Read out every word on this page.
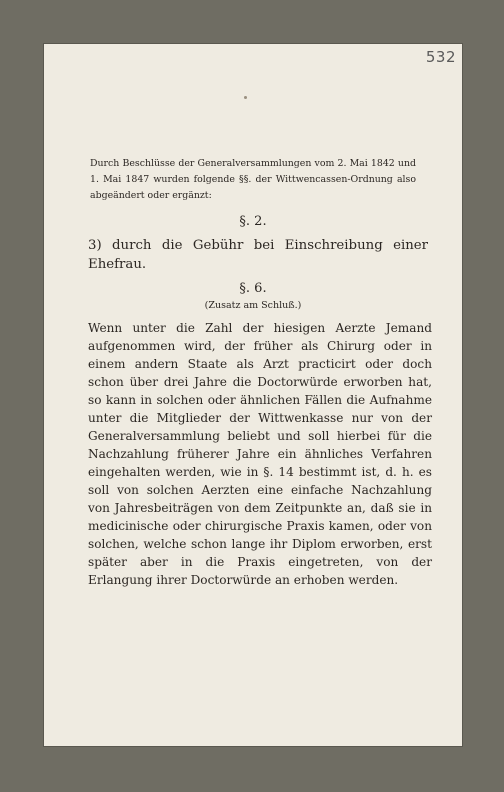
532
Durch Beschlüsse der Generalversammlungen vom 2. Mai 1842 und 1. Mai 1847 wurden folgende §§. der Wittwencassen-Ordnung also abgeändert oder ergänzt:
§. 2.
3) durch die Gebühr bei Einschreibung einer Ehefrau.
§. 6.
(Zusatz am Schluß.)
Wenn unter die Zahl der hiesigen Aerzte Jemand aufgenommen wird, der früher als Chirurg oder in einem andern Staate als Arzt practicirt oder doch schon über drei Jahre die Doctorwürde erworben hat, so kann in solchen oder ähnlichen Fällen die Aufnahme unter die Mitglieder der Wittwenkasse nur von der Generalversammlung beliebt und soll hierbei für die Nachzahlung früherer Jahre ein ähnliches Verfahren eingehalten werden, wie in §. 14 bestimmt ist, d. h. es soll von solchen Aerzten eine einfache Nachzahlung von Jahresbeiträgen von dem Zeitpunkte an, daß sie in medicinische oder chirurgische Praxis kamen, oder von solchen, welche schon lange ihr Diplom erworben, erst später aber in die Praxis eingetreten, von der Erlangung ihrer Doctorwürde an erhoben werden.
